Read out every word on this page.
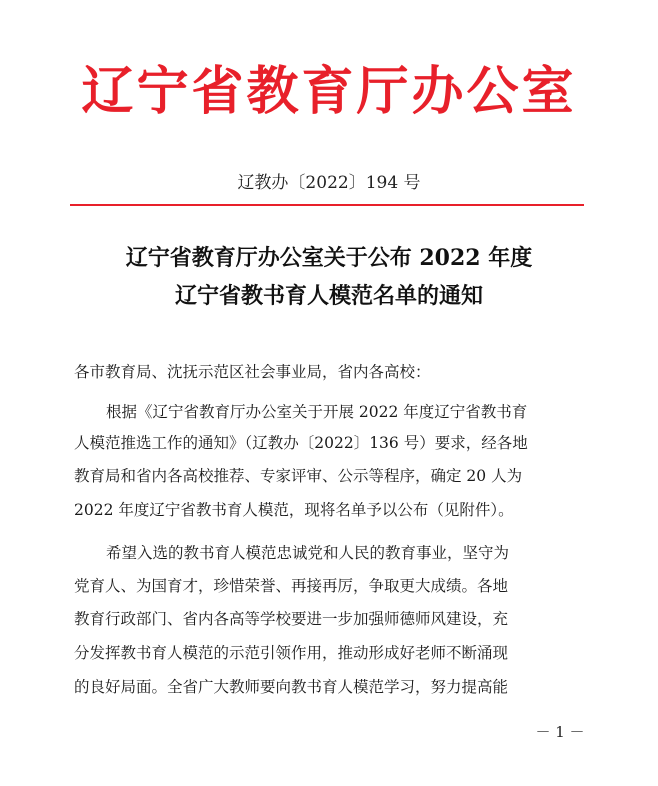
辽宁省教育厅办公室
辽教办〔2022〕194 号
辽宁省教育厅办公室关于公布 2022 年度
辽宁省教书育人模范名单的通知
各市教育局、沈抚示范区社会事业局，省内各高校：
根据《辽宁省教育厅办公室关于开展 2022 年度辽宁省教书育
人模范推选工作的通知》（辽教办〔2022〕136 号）要求，经各地
教育局和省内各高校推荐、专家评审、公示等程序，确定 20 人为
2022 年度辽宁省教书育人模范，现将名单予以公布（见附件）。
希望入选的教书育人模范忠诚党和人民的教育事业，坚守为
党育人、为国育才，珍惜荣誉、再接再厉，争取更大成绩。各地
教育行政部门、省内各高等学校要进一步加强师德师风建设，充
分发挥教书育人模范的示范引领作用，推动形成好老师不断涌现
的良好局面。全省广大教师要向教书育人模范学习，努力提高能
－ 1 －
